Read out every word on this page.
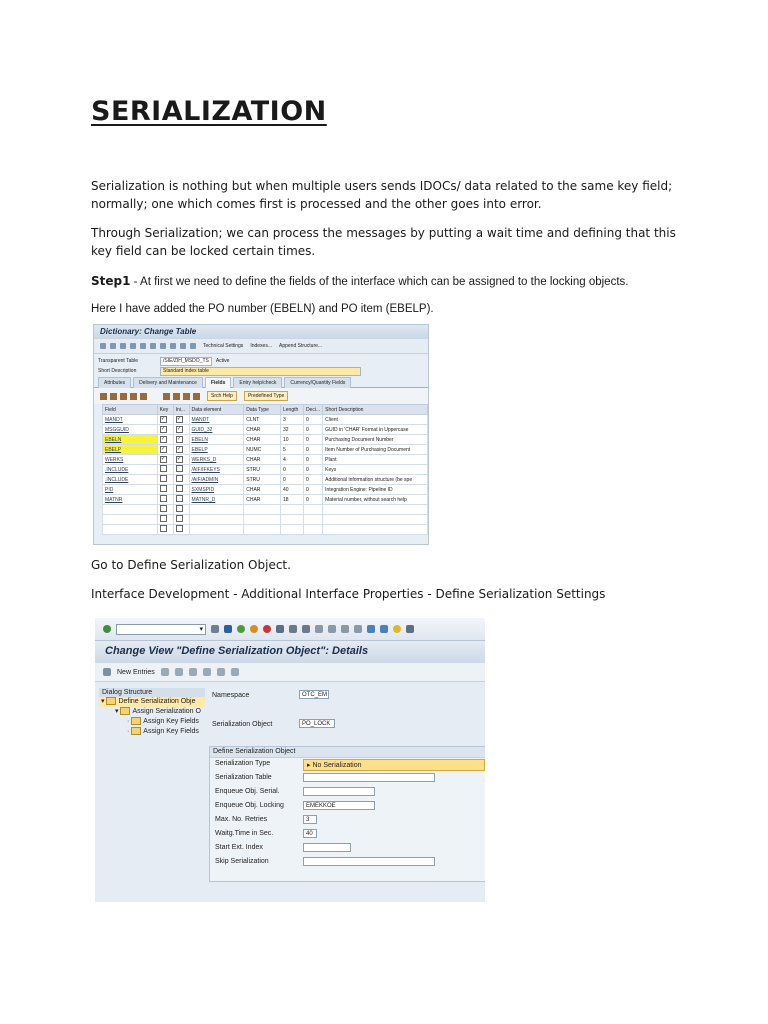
SERIALIZATION
Serialization is nothing but when multiple users sends IDOCs/ data related to the same key field; normally; one which comes first is processed and the other goes into error.
Through Serialization; we can process the messages by putting a wait time and defining that this key field can be locked certain times.
Step1 - At first we need to define the fields of the interface which can be assigned to the locking objects.
Here I have added the PO number (EBELN) and PO item (EBELP).
Dictionary: Change Table
Technical Settings Indexes... Append Structure...
Transparent Table	/SIE/ZIH_MSDO_TS	Active
Short Description	Standard index table
Attributes	Delivery and Maintenance	Fields	Entry help/check	Currency/Quantity Fields
Srch Help	Predefined Type
Field	Key	Ini...	Data element	Data Type	Length	Deci...	Short Description
MANDT	✓	✓	MANDT	CLNT	3	0	Client
MSGGUID	✓	✓	GUID_32	CHAR	32	0	GUID in 'CHAR' Format in Uppercase
EBELN	✓	✓	EBELN	CHAR	10	0	Purchasing Document Number
EBELP	✓	✓	EBELP	NUMC	5	0	Item Number of Purchasing Document
WERKS	✓	✓	WERKS_D	CHAR	4	0	Plant
.INCLUDE			/AIF/IFKEYS	STRU	0	0	Keys
.INCLUDE			/AIF/ADMIN	STRU	0	0	Additional information structure (be spe
PID			SXMSPID	CHAR	40	0	Integration Engine: Pipeline ID
MATNR			MATNR_D	CHAR	18	0	Material number, without search help

Go to Define Serialization Object.
Interface Development - Additional Interface Properties - Define Serialization Settings
▾
Change View "Define Serialization Object": Details
New Entries
Dialog Structure
▾ Define Serialization Obje
▾ Assign Serialization O
· Assign Key Fields
· Assign Key Fields
Namespace	OTC_EM
Serialization Object	PO_LOCK
Define Serialization Object
Serialization Type	▸ No Serialization
Serialization Table
Enqueue Obj. Serial.
Enqueue Obj. Locking	EMEKKOE
Max. No. Retries	3
Waitg.Time in Sec.	40
Start Ext. Index
Skip Serialization
